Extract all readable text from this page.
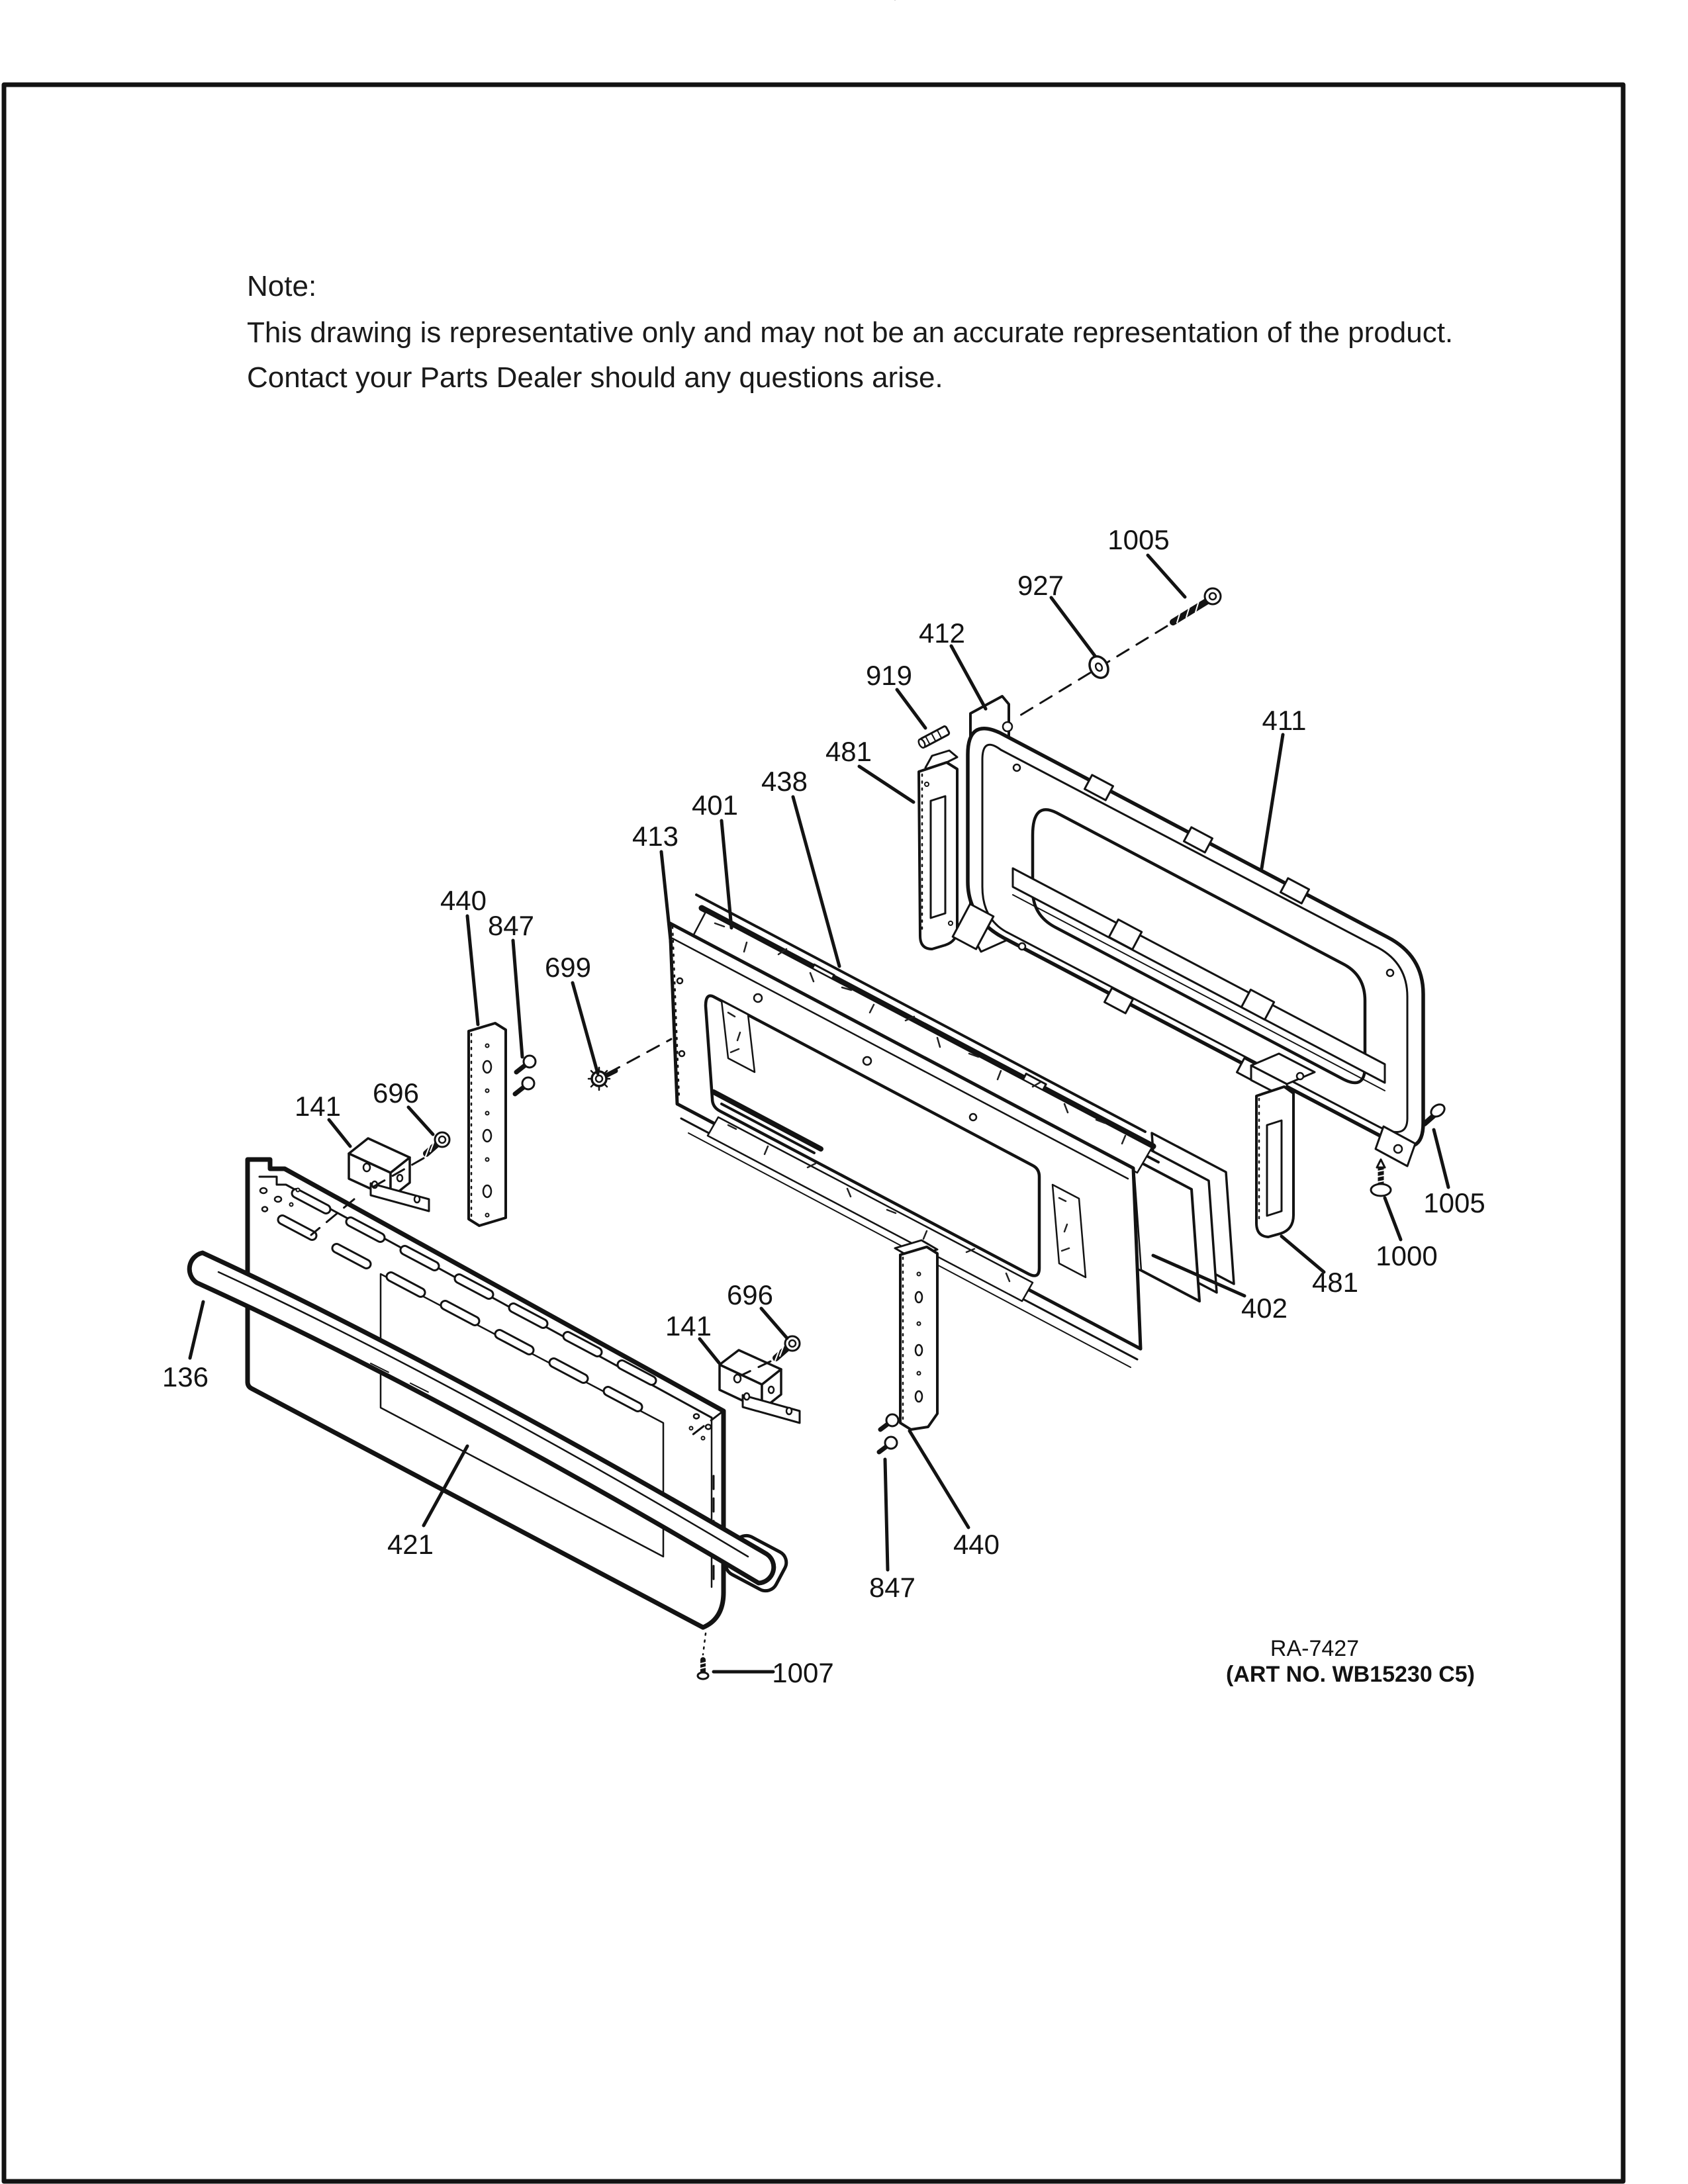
Note:
This drawing is representative only and may not be an accurate representation of the product.
Contact your Parts Dealer should any questions arise.
1005
927
412
919
481
438
401
413
440
847
699
411
141 696
136
696
141
1005
1000
481
402
421	440
847
1007
RA-7427
(ART NO. WB15230 C5)
